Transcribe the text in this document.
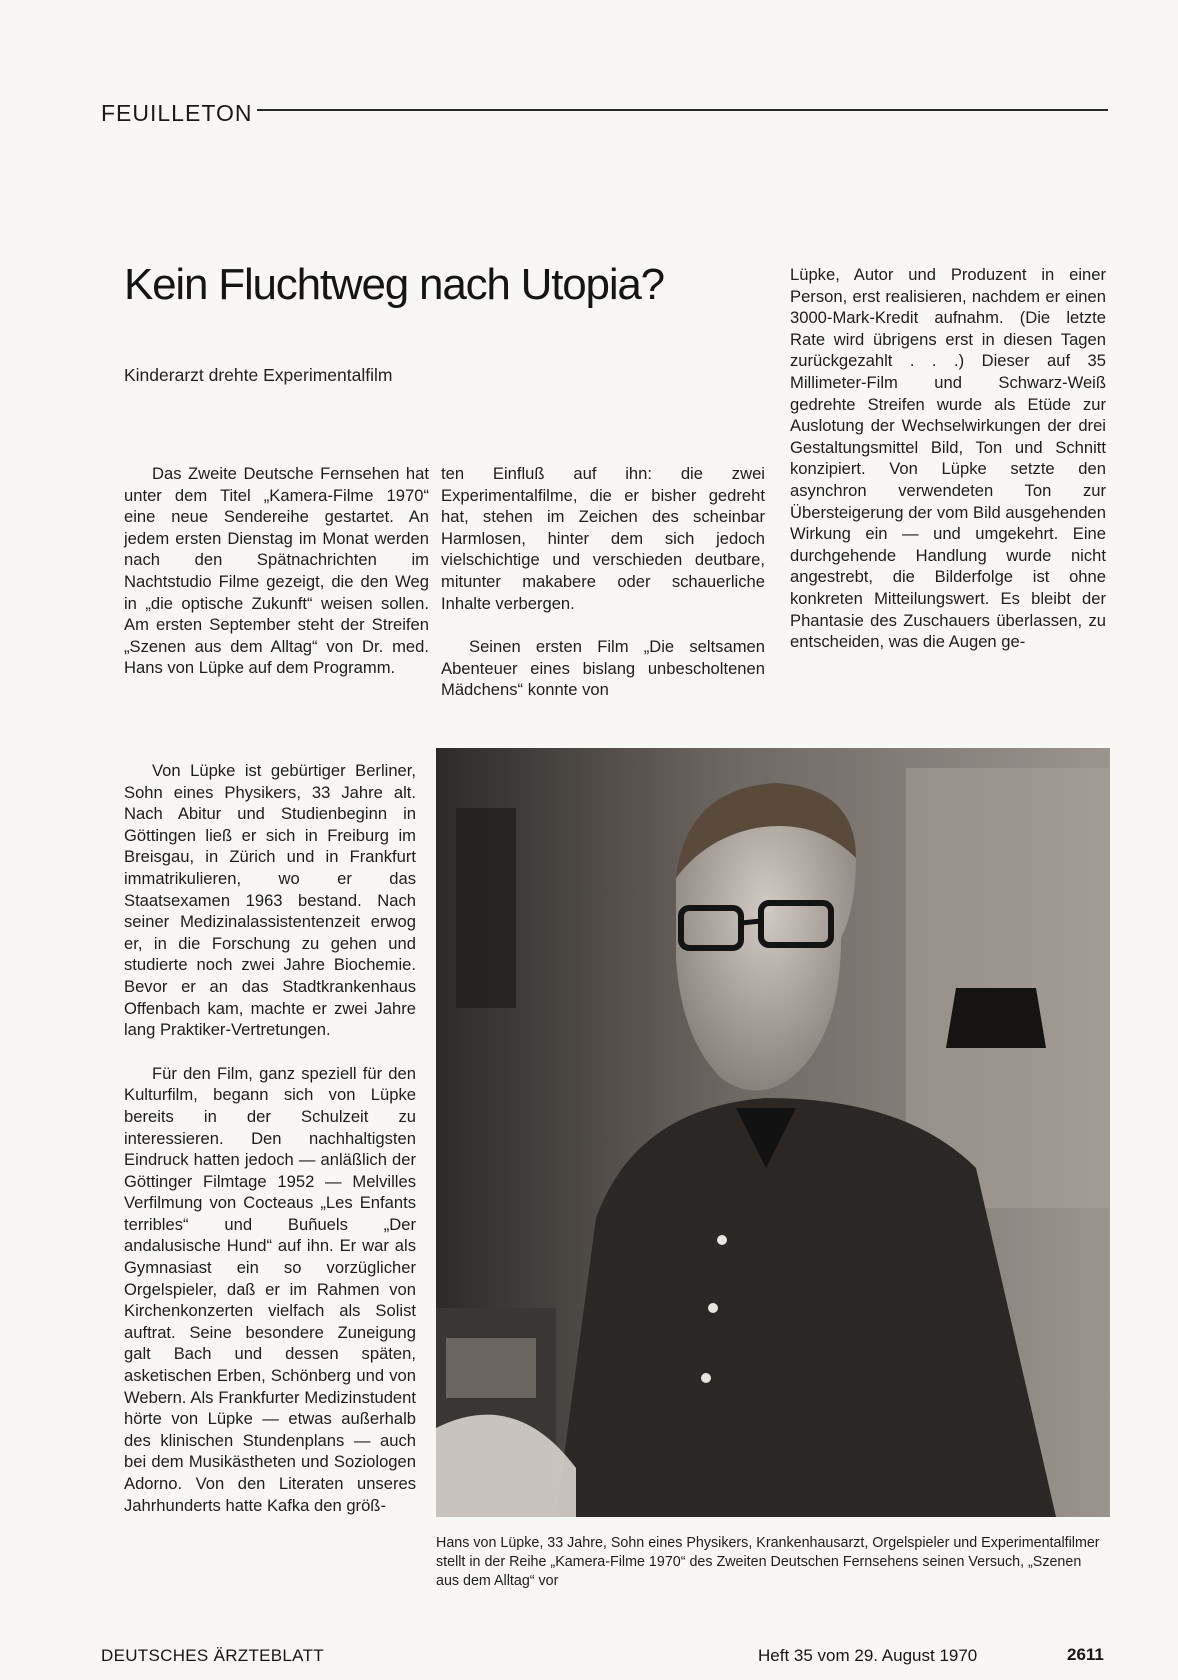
FEUILLETON
Kein Fluchtweg nach Utopia?
Kinderarzt drehte Experimentalfilm

Das Zweite Deutsche Fernsehen hat unter dem Titel „Kamera-Filme 1970“ eine neue Sendereihe gestartet. An jedem ersten Dienstag im Monat werden nach den Spätnachrichten im Nachtstudio Filme gezeigt, die den Weg in „die optische Zukunft“ weisen sollen. Am ersten September steht der Streifen „Szenen aus dem Alltag“ von Dr. med. Hans von Lüpke auf dem Programm.

ten Einfluß auf ihn: die zwei Experimentalfilme, die er bisher gedreht hat, stehen im Zeichen des scheinbar Harmlosen, hinter dem sich jedoch vielschichtige und verschieden deutbare, mitunter makabere oder schauerliche Inhalte verbergen.

Seinen ersten Film „Die seltsamen Abenteuer eines bislang unbescholtenen Mädchens“ konnte von

Lüpke, Autor und Produzent in einer Person, erst realisieren, nachdem er einen 3000-Mark-Kredit aufnahm. (Die letzte Rate wird übrigens erst in diesen Tagen zurückgezahlt . . .) Dieser auf 35 Millimeter-Film und Schwarz-Weiß gedrehte Streifen wurde als Etüde zur Auslotung der Wechselwirkungen der drei Gestaltungsmittel Bild, Ton und Schnitt konzipiert. Von Lüpke setzte den asynchron verwendeten Ton zur Übersteigerung der vom Bild ausgehenden Wirkung ein — und umgekehrt. Eine durchgehende Handlung wurde nicht angestrebt, die Bilderfolge ist ohne konkreten Mitteilungswert. Es bleibt der Phantasie des Zuschauers überlassen, zu entscheiden, was die Augen ge-

Von Lüpke ist gebürtiger Berliner, Sohn eines Physikers, 33 Jahre alt. Nach Abitur und Studienbeginn in Göttingen ließ er sich in Freiburg im Breisgau, in Zürich und in Frankfurt immatrikulieren, wo er das Staatsexamen 1963 bestand. Nach seiner Medizinalassistentenzeit erwog er, in die Forschung zu gehen und studierte noch zwei Jahre Biochemie. Bevor er an das Stadtkrankenhaus Offenbach kam, machte er zwei Jahre lang Praktiker-Vertretungen.

Für den Film, ganz speziell für den Kulturfilm, begann sich von Lüpke bereits in der Schulzeit zu interessieren. Den nachhaltigsten Eindruck hatten jedoch — anläßlich der Göttinger Filmtage 1952 — Melvilles Verfilmung von Cocteaus „Les Enfants terribles“ und Buñuels „Der andalusische Hund“ auf ihn. Er war als Gymnasiast ein so vorzüglicher Orgelspieler, daß er im Rahmen von Kirchenkonzerten vielfach als Solist auftrat. Seine besondere Zuneigung galt Bach und dessen späten, asketischen Erben, Schönberg und von Webern. Als Frankfurter Medizinstudent hörte von Lüpke — etwas außerhalb des klinischen Stundenplans — auch bei dem Musikästheten und Soziologen Adorno. Von den Literaten unseres Jahrhunderts hatte Kafka den größ-

Hans von Lüpke, 33 Jahre, Sohn eines Physikers, Krankenhausarzt, Orgelspieler und Experimentalfilmer stellt in der Reihe „Kamera-Filme 1970“ des Zweiten Deutschen Fernsehens seinen Versuch, „Szenen aus dem Alltag“ vor
DEUTSCHES ÄRZTEBLATT	Heft 35 vom 29. August 1970	2611
